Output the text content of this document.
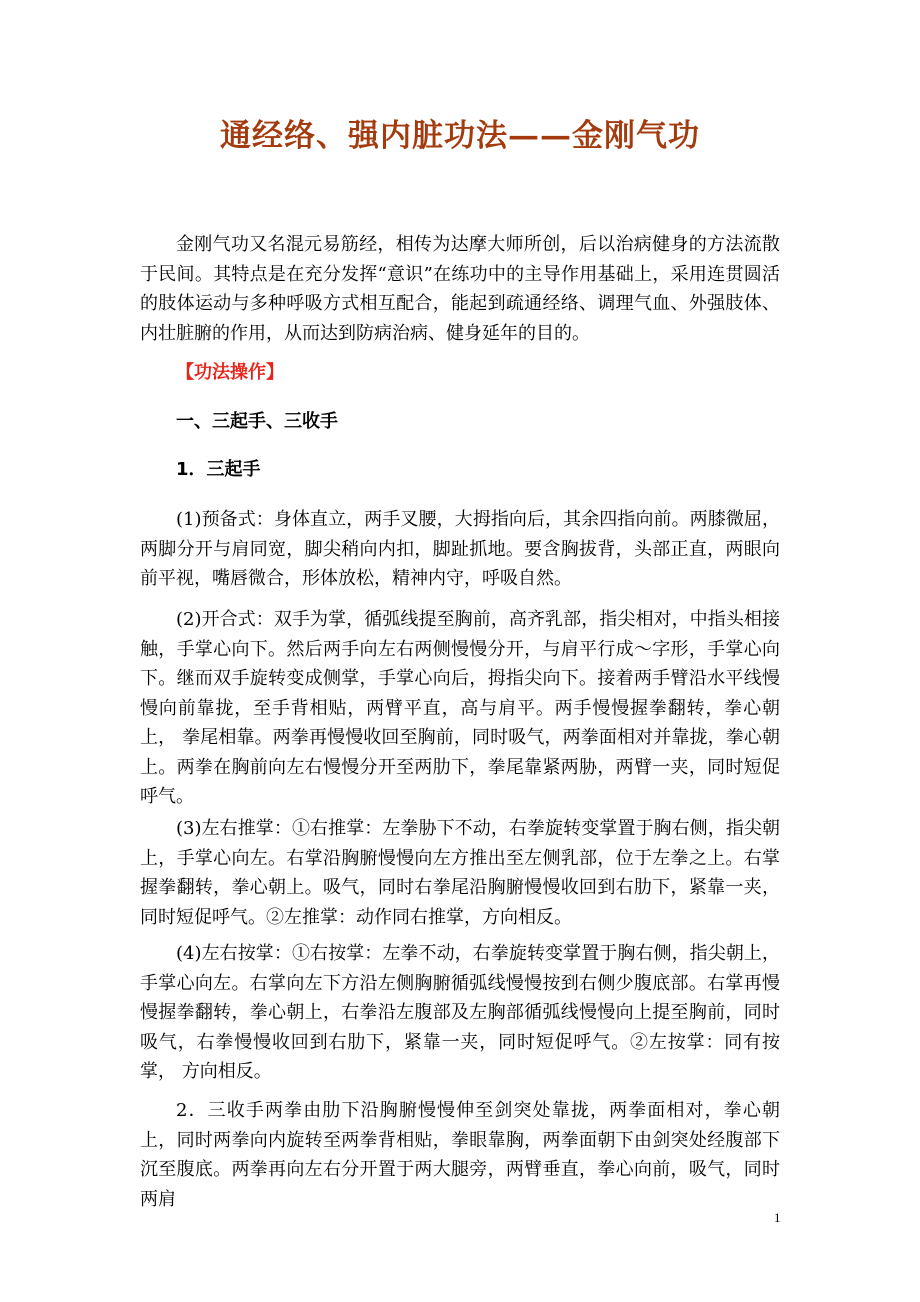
通经络、强内脏功法——金刚气功

金刚气功又名混元易筋经，相传为达摩大师所创，后以治病健身的方法流散于民间。其特点是在充分发挥“意识”在练功中的主导作用基础上，采用连贯圆活的肢体运动与多种呼吸方式相互配合，能起到疏通经络、调理气血、外强肢体、内壮脏腑的作用，从而达到防病治病、健身延年的目的。

【功法操作】
一、三起手、三收手
1．三起手

(1)预备式：身体直立，两手叉腰，大拇指向后，其余四指向前。两膝微屈，两脚分开与肩同宽，脚尖稍向内扣，脚趾抓地。要含胸拔背，头部正直，两眼向前平视，嘴唇微合，形体放松，精神内守，呼吸自然。

(2)开合式：双手为掌，循弧线提至胸前，高齐乳部，指尖相对，中指头相接触，手掌心向下。然后两手向左右两侧慢慢分开，与肩平行成～字形，手掌心向下。继而双手旋转变成侧掌，手掌心向后，拇指尖向下。接着两手臂沿水平线慢慢向前靠拢，至手背相贴，两臂平直，高与肩平。两手慢慢握拳翻转，拳心朝上， 拳尾相靠。两拳再慢慢收回至胸前，同时吸气，两拳面相对并靠拢，拳心朝上。两拳在胸前向左右慢慢分开至两肋下，拳尾靠紧两胁，两臂一夹，同时短促呼气。

(3)左右推掌：①右推掌：左拳胁下不动，右拳旋转变掌置于胸右侧，指尖朝上，手掌心向左。右掌沿胸腑慢慢向左方推出至左侧乳部，位于左拳之上。右掌握拳翻转，拳心朝上。吸气，同时右拳尾沿胸腑慢慢收回到右肋下，紧靠一夹，同时短促呼气。②左推掌：动作同右推掌，方向相反。

(4)左右按掌：①右按掌：左拳不动，右拳旋转变掌置于胸右侧，指尖朝上，手掌心向左。右掌向左下方沿左侧胸腑循弧线慢慢按到右侧少腹底部。右掌再慢慢握拳翻转，拳心朝上，右拳沿左腹部及左胸部循弧线慢慢向上提至胸前，同时吸气，右拳慢慢收回到右肋下，紧靠一夹，同时短促呼气。②左按掌：同有按掌， 方向相反。

2．三收手两拳由肋下沿胸腑慢慢伸至剑突处靠拢，两拳面相对，拳心朝上，同时两拳向内旋转至两拳背相贴，拳眼靠胸，两拳面朝下由剑突处经腹部下沉至腹底。两拳再向左右分开置于两大腿旁，两臂垂直，拳心向前，吸气，同时两肩

1
